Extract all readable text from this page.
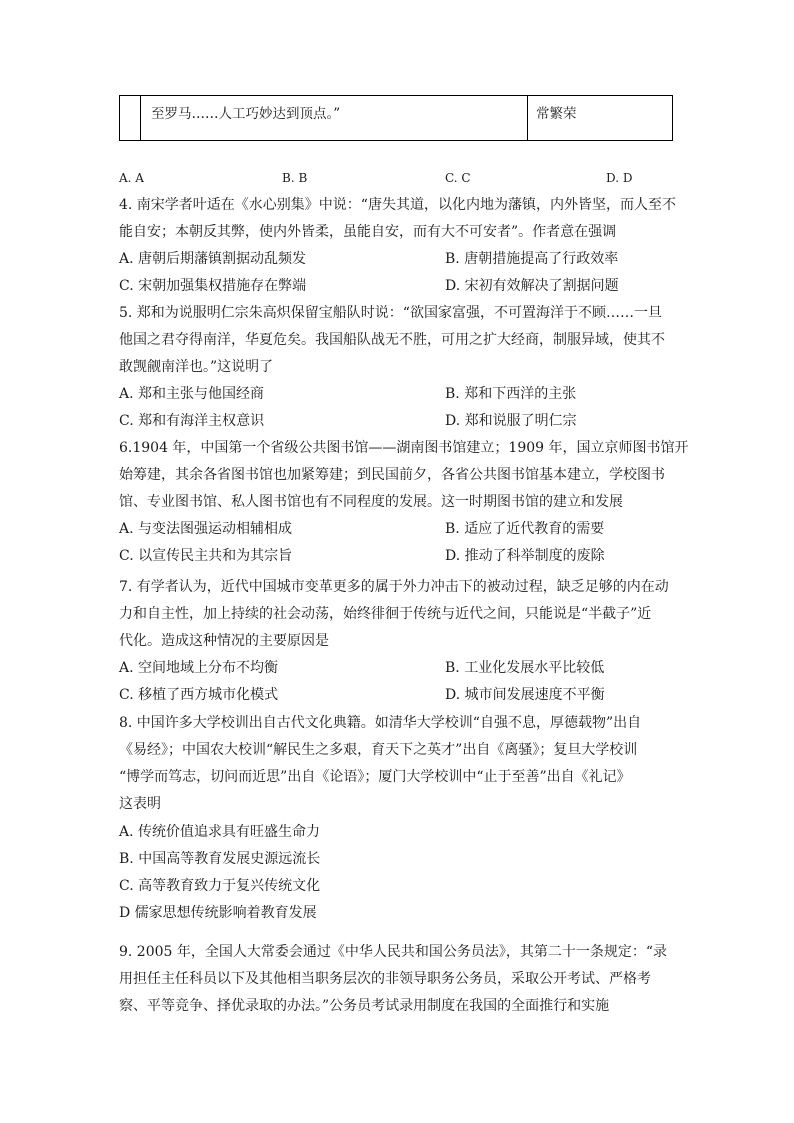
至罗马……人工巧妙达到顶点。”	常繁荣
A. A	B. B	C. C	D. D
4. 南宋学者叶适在《水心别集》中说：“唐失其道，以化内地为藩镇，内外皆坚，而人至不
能自安；本朝反其弊，使内外皆柔，虽能自安，而有大不可安者”。作者意在强调
A. 唐朝后期藩镇割据动乱频发	B. 唐朝措施提高了行政效率
C. 宋朝加强集权措施存在弊端	D. 宋初有效解决了割据问题
5. 郑和为说服明仁宗朱高炽保留宝船队时说：“欲国家富强，不可置海洋于不顾……一旦
他国之君夺得南洋，华夏危矣。我国船队战无不胜，可用之扩大经商，制服异域，使其不
敢觊觎南洋也。”这说明了
A. 郑和主张与他国经商	B. 郑和下西洋的主张
C. 郑和有海洋主权意识	D. 郑和说服了明仁宗
6.1904 年，中国第一个省级公共图书馆——湖南图书馆建立；1909 年，国立京师图书馆开
始筹建，其余各省图书馆也加紧筹建；到民国前夕，各省公共图书馆基本建立，学校图书
馆、专业图书馆、私人图书馆也有不同程度的发展。这一时期图书馆的建立和发展
A. 与变法图强运动相辅相成	B. 适应了近代教育的需要
C. 以宣传民主共和为其宗旨	D. 推动了科举制度的废除
7. 有学者认为，近代中国城市变革更多的属于外力冲击下的被动过程，缺乏足够的内在动
力和自主性，加上持续的社会动荡，始终徘徊于传统与近代之间，只能说是“半截子”近
代化。造成这种情况的主要原因是
A. 空间地域上分布不均衡	B. 工业化发展水平比较低
C. 移植了西方城市化模式	D. 城市间发展速度不平衡
8. 中国许多大学校训出自古代文化典籍。如清华大学校训“自强不息，厚德载物”出自
《易经》；中国农大校训“解民生之多艰，育天下之英才”出自《离骚》；复旦大学校训
“博学而笃志，切问而近思”出自《论语》；厦门大学校训中“止于至善”出自《礼记》
这表明
A. 传统价值追求具有旺盛生命力
B. 中国高等教育发展史源远流长
C. 高等教育致力于复兴传统文化
D 儒家思想传统影响着教育发展
9. 2005 年，全国人大常委会通过《中华人民共和国公务员法》，其第二十一条规定：“录
用担任主任科员以下及其他相当职务层次的非领导职务公务员，采取公开考试、严格考
察、平等竞争、择优录取的办法。”公务员考试录用制度在我国的全面推行和实施
